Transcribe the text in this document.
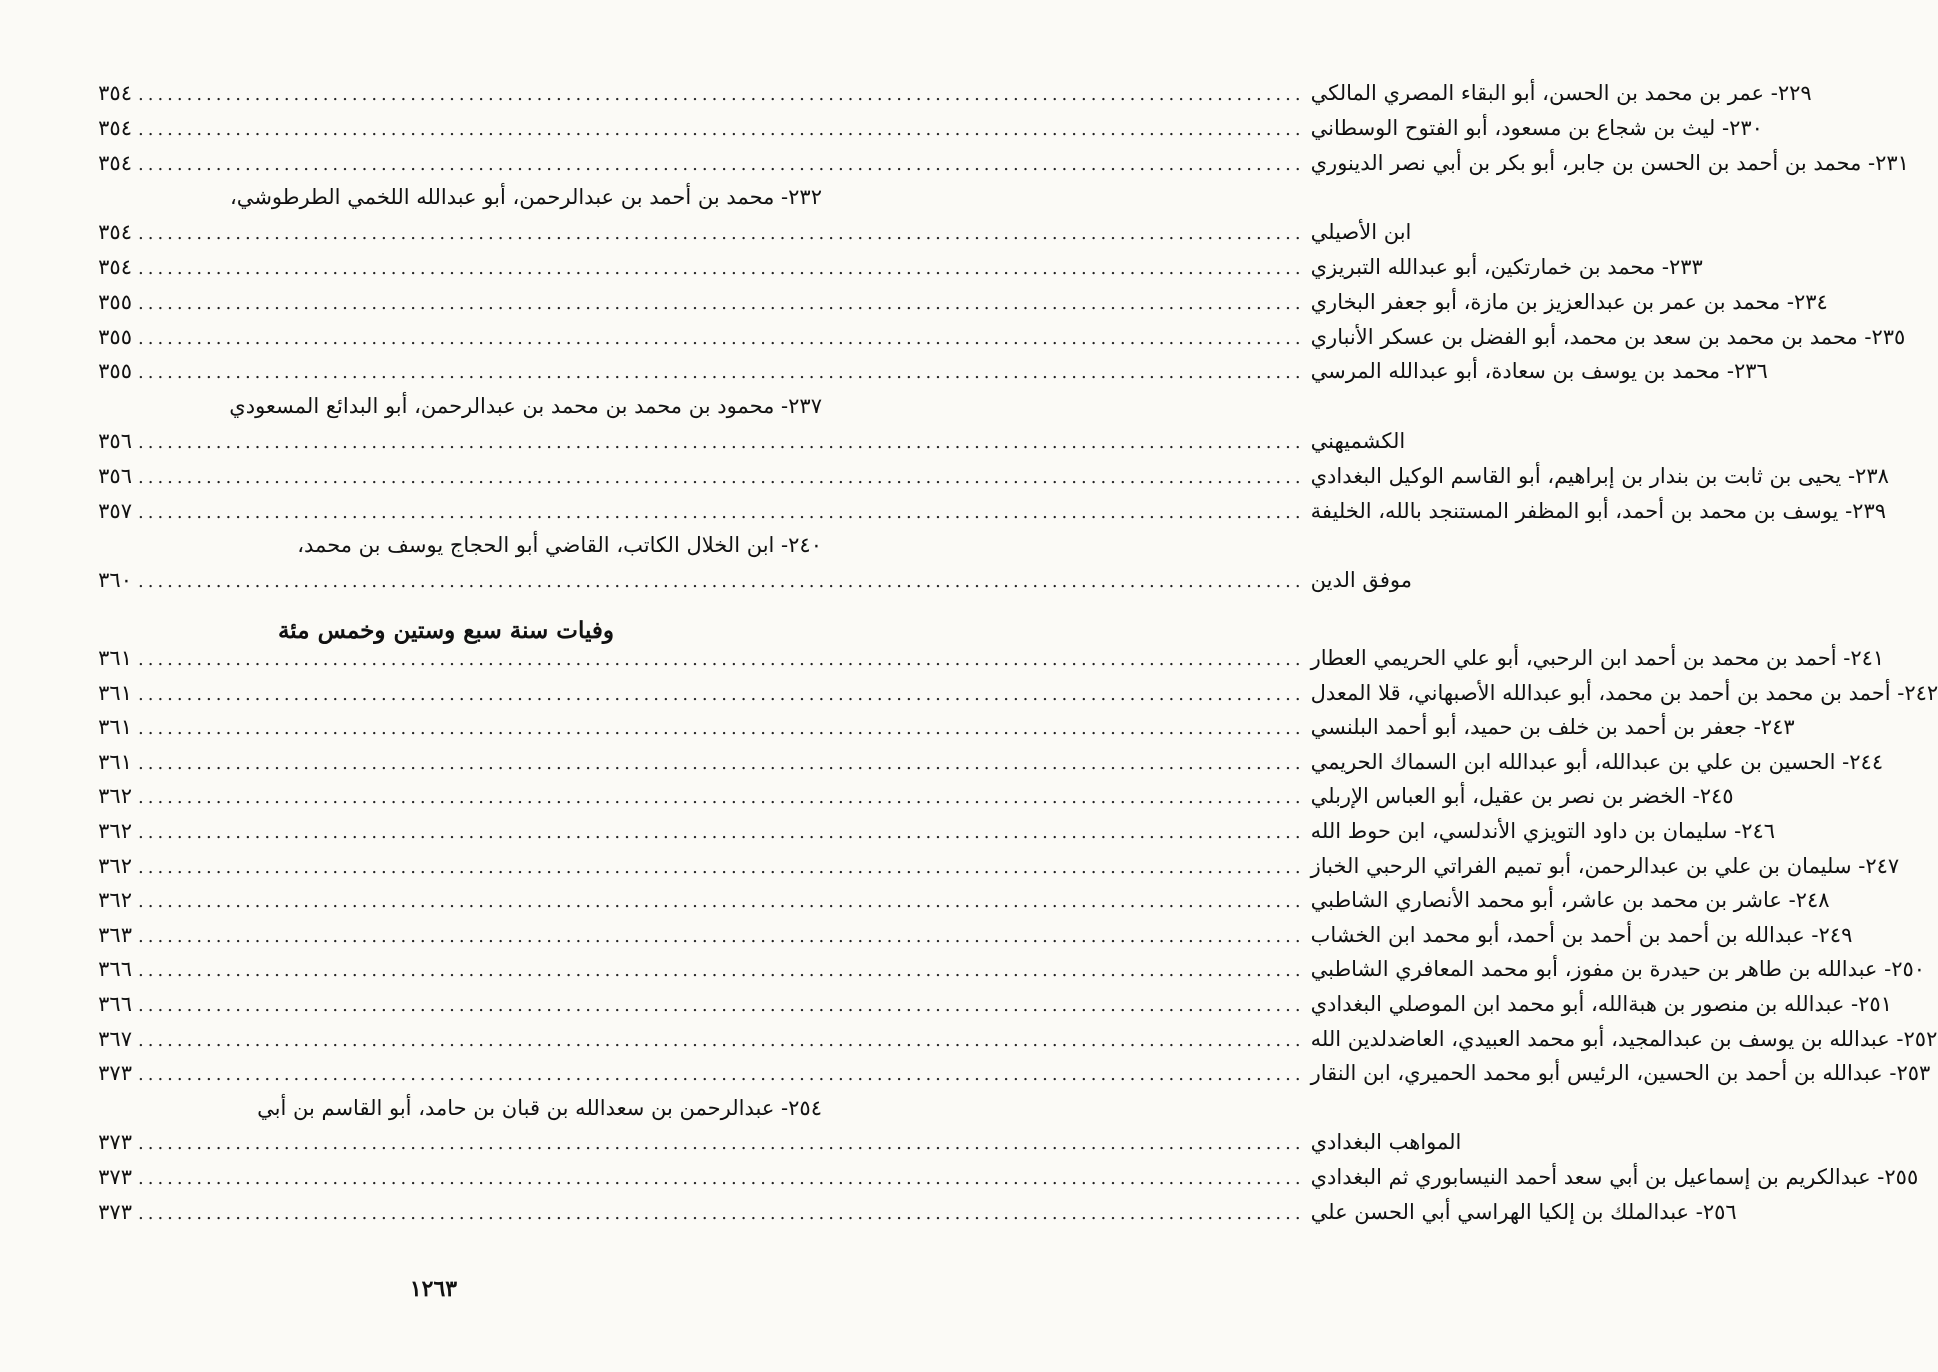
٣٥٤ ........................................................................................................................ ٢٢٩- عمر بن محمد بن الحسن، أبو البقاء المصري المالكي
٣٥٤ ........................................................................................................................ ٢٣٠- ليث بن شجاع بن مسعود، أبو الفتوح الوسطاني
٣٥٤ ........................................................................................................................ ٢٣١- محمد بن أحمد بن الحسن بن جابر، أبو بكر بن أبي نصر الدينوري
٢٣٢- محمد بن أحمد بن عبدالرحمن، أبو عبدالله اللخمي الطرطوشي،
٣٥٤ ........................................................................................................................ ابن الأصيلي
٣٥٤ ........................................................................................................................ ٢٣٣- محمد بن خمارتكين، أبو عبدالله التبريزي
٣٥٥ ........................................................................................................................ ٢٣٤- محمد بن عمر بن عبدالعزيز بن مازة، أبو جعفر البخاري
٣٥٥ ........................................................................................................................ ٢٣٥- محمد بن محمد بن سعد بن محمد، أبو الفضل بن عسكر الأنباري
٣٥٥ ........................................................................................................................ ٢٣٦- محمد بن يوسف بن سعادة، أبو عبدالله المرسي
٢٣٧- محمود بن محمد بن محمد بن عبدالرحمن، أبو البدائع المسعودي
٣٥٦ ........................................................................................................................ الكشميهني
٣٥٦ ........................................................................................................................ ٢٣٨- يحيى بن ثابت بن بندار بن إبراهيم، أبو القاسم الوكيل البغدادي
٣٥٧ ........................................................................................................................ ٢٣٩- يوسف بن محمد بن أحمد، أبو المظفر المستنجد بالله، الخليفة
٢٤٠- ابن الخلال الكاتب، القاضي أبو الحجاج يوسف بن محمد،
٣٦٠ ........................................................................................................................ موفق الدين
وفيات سنة سبع وستين وخمس مئة
٣٦١ ........................................................................................................................ ٢٤١- أحمد بن محمد بن أحمد ابن الرحبي، أبو علي الحريمي العطار
٣٦١ ........................................................................................................................ ٢٤٢- أحمد بن محمد بن أحمد بن محمد، أبو عبدالله الأصبهاني، قلا المعدل
٣٦١ ........................................................................................................................ ٢٤٣- جعفر بن أحمد بن خلف بن حميد، أبو أحمد البلنسي
٣٦١ ........................................................................................................................ ٢٤٤- الحسين بن علي بن عبدالله، أبو عبدالله ابن السماك الحريمي
٣٦٢ ........................................................................................................................ ٢٤٥- الخضر بن نصر بن عقيل، أبو العباس الإربلي
٣٦٢ ........................................................................................................................ ٢٤٦- سليمان بن داود التويزي الأندلسي، ابن حوط الله
٣٦٢ ........................................................................................................................ ٢٤٧- سليمان بن علي بن عبدالرحمن، أبو تميم الفراتي الرحبي الخباز
٣٦٢ ........................................................................................................................ ٢٤٨- عاشر بن محمد بن عاشر، أبو محمد الأنصاري الشاطبي
٣٦٣ ........................................................................................................................ ٢٤٩- عبدالله بن أحمد بن أحمد بن أحمد، أبو محمد ابن الخشاب
٣٦٦ ........................................................................................................................ ٢٥٠- عبدالله بن طاهر بن حيدرة بن مفوز، أبو محمد المعافري الشاطبي
٣٦٦ ........................................................................................................................ ٢٥١- عبدالله بن منصور بن هبةالله، أبو محمد ابن الموصلي البغدادي
٣٦٧ ........................................................................................................................ ٢٥٢- عبدالله بن يوسف بن عبدالمجيد، أبو محمد العبيدي، العاضدلدين الله
٣٧٣ ........................................................................................................................ ٢٥٣- عبدالله بن أحمد بن الحسين، الرئيس أبو محمد الحميري، ابن النقار
٢٥٤- عبدالرحمن بن سعدالله بن قبان بن حامد، أبو القاسم بن أبي
٣٧٣ ........................................................................................................................ المواهب البغدادي
٣٧٣ ........................................................................................................................ ٢٥٥- عبدالكريم بن إسماعيل بن أبي سعد أحمد النيسابوري ثم البغدادي
٣٧٣ ........................................................................................................................ ٢٥٦- عبدالملك بن إلكيا الهراسي أبي الحسن علي
١٢٦٣
